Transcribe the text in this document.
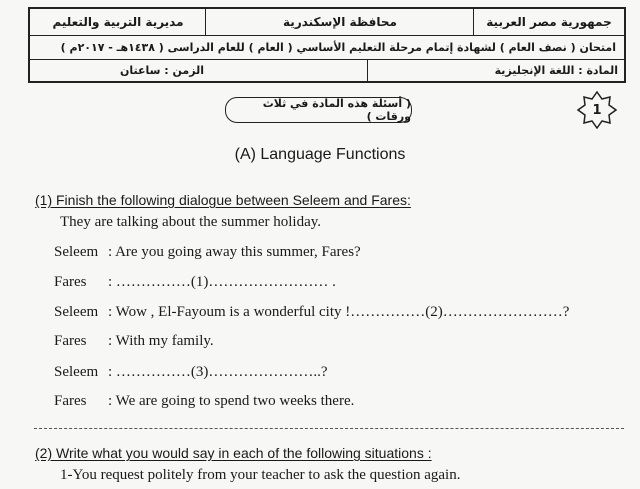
جمهورية مصر العربية
محافظة الإسكندرية
مديرية التربية والتعليم
امتحان ( نصف العام ) لشهادة إتمام مرحلة التعليم الأساسي ( العام ) للعام الدراسى ( ١٤٣٨هـ - ٢٠١٧م )
المادة : اللغة الإنجليزية
الزمن : ساعتان
1
( أسئلة هذه المادة في ثلاث ورقات )
(A) Language Functions
(1) Finish the following dialogue between Seleem and Fares:
They are talking about the summer holiday.
Seleem : Are you going away this summer, Fares?
Fares : ……………(1)…………………… .
Seleem : Wow , El-Fayoum is a wonderful city !……………(2)……………………?
Fares : With my family.
Seleem : ……………(3)…………………..?
Fares : We are going to spend two weeks there.
(2) Write what you would say in each of the following situations :
1-You request politely from your teacher to ask the question again.
